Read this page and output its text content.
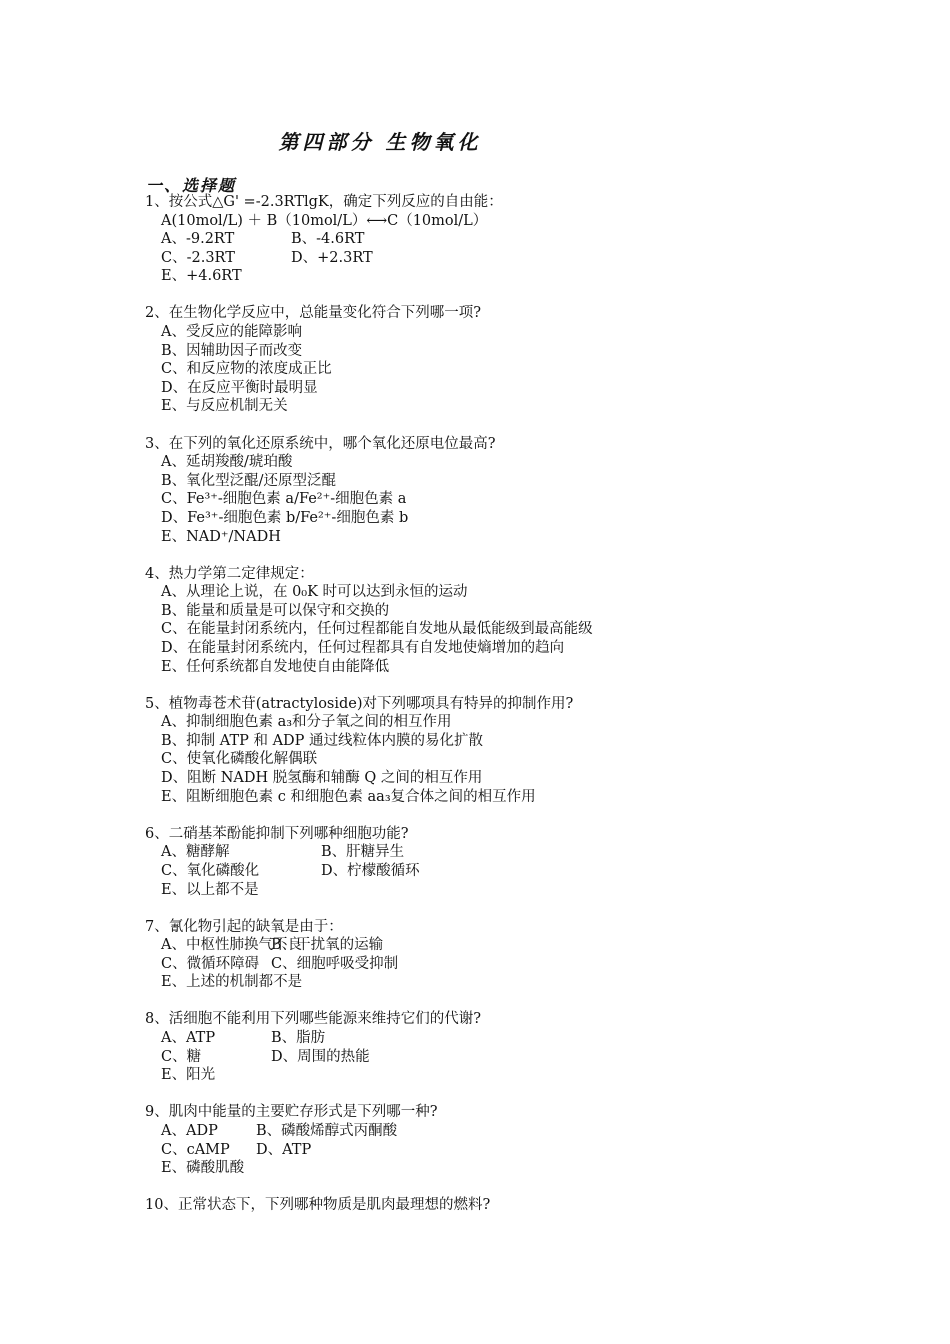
第四部分 生物氧化
一、选择题
1、按公式△G' =-2.3RTlgK，确定下列反应的自由能：
A(10mol/L) ＋ B（10mol/L）⟷C（10mol/L）
A、-9.2RT	B、-4.6RT
C、-2.3RT	D、+2.3RT
E、+4.6RT
2、在生物化学反应中，总能量变化符合下列哪一项?
A、受反应的能障影响
B、因辅助因子而改变
C、和反应物的浓度成正比
D、在反应平衡时最明显
E、与反应机制无关
3、在下列的氧化还原系统中，哪个氧化还原电位最高?
A、延胡羧酸/琥珀酸
B、氧化型泛醌/还原型泛醌
C、Fe³⁺-细胞色素 a/Fe²⁺-细胞色素 a
D、Fe³⁺-细胞色素 b/Fe²⁺-细胞色素 b
E、NAD⁺/NADH
4、热力学第二定律规定：
A、从理论上说，在 0₀K 时可以达到永恒的运动
B、能量和质量是可以保守和交换的
C、在能量封闭系统内，任何过程都能自发地从最低能级到最高能级
D、在能量封闭系统内，任何过程都具有自发地使熵增加的趋向
E、任何系统都自发地使自由能降低
5、植物毒苍术苷(atractyloside)对下列哪项具有特异的抑制作用?
A、抑制细胞色素 a₃和分子氧之间的相互作用
B、抑制 ATP 和 ADP 通过线粒体内膜的易化扩散
C、使氧化磷酸化解偶联
D、阻断 NADH 脱氢酶和辅酶 Q 之间的相互作用
E、阻断细胞色素 c 和细胞色素 aa₃复合体之间的相互作用
6、二硝基苯酚能抑制下列哪种细胞功能?
A、糖酵解	B、肝糖异生
C、氧化磷酸化	D、柠檬酸循环
E、以上都不是
7、氰化物引起的缺氧是由于：
A、中枢性肺换气不良B、干扰氧的运输
C、微循环障碍 C、细胞呼吸受抑制
E、上述的机制都不是
8、活细胞不能利用下列哪些能源来维持它们的代谢?
A、ATP	B、脂肪
C、糖	D、周围的热能
E、阳光
9、肌肉中能量的主要贮存形式是下列哪一种?
A、ADP	B、磷酸烯醇式丙酮酸
C、cAMP D、ATP
E、磷酸肌酸
10、正常状态下，下列哪种物质是肌肉最理想的燃料?
